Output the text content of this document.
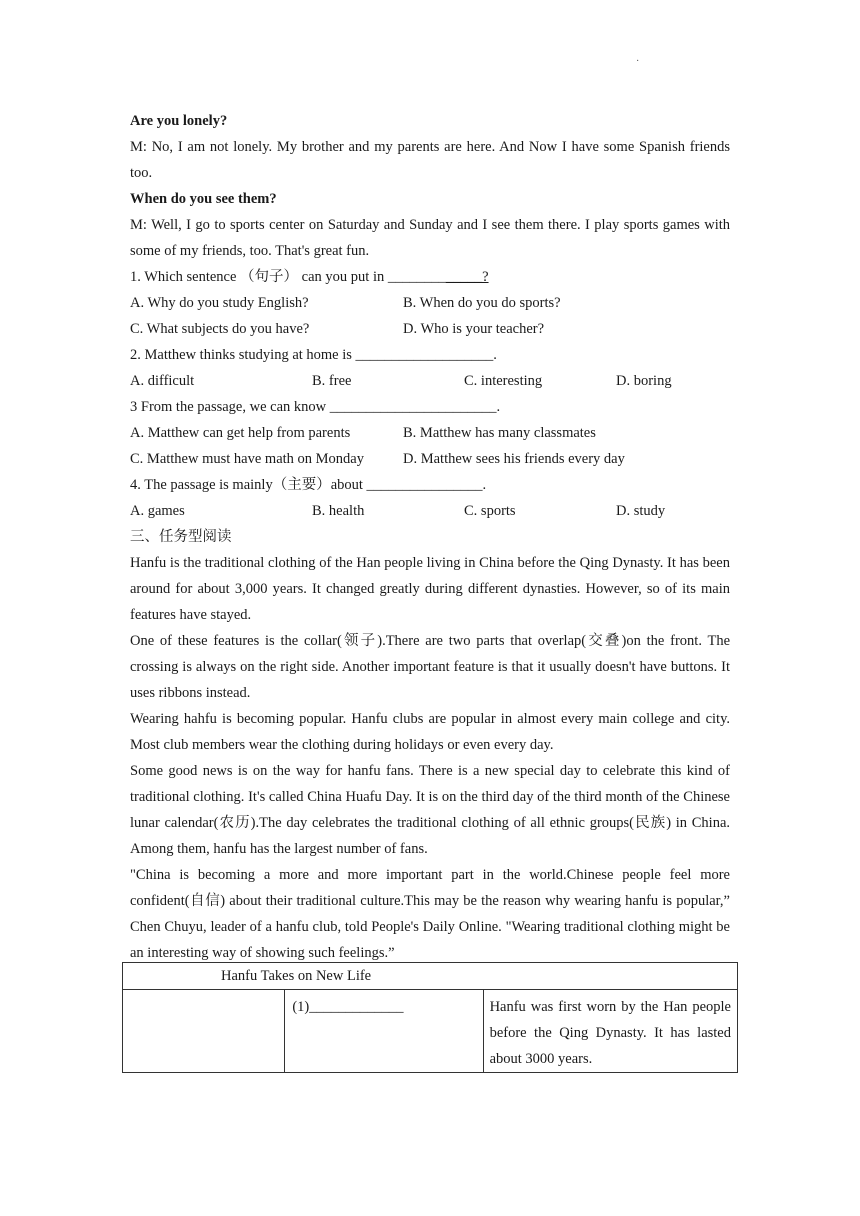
·
Are you lonely?
M: No, I am not lonely. My brother and my parents are here. And Now I have some Spanish friends too.
When do you see them?
M: Well, I go to sports center on Saturday and Sunday and I see them there. I play sports games with some of my friends, too. That's great fun.
1. Which sentence （句子） can you put in _____________?
A. Why do you study English?	B. When do you do sports?
C. What subjects do you have?	D. Who is your teacher?
2. Matthew thinks studying at home is ___________________.
A. difficult	B. free	C. interesting	D. boring
3 From the passage, we can know _______________________.
A. Matthew can get help from parents	B. Matthew has many classmates
C. Matthew must have math on Monday	D. Matthew sees his friends every day
4. The passage is mainly（主要）about ________________.
A. games	B. health	C. sports	D. study
三、任务型阅读
Hanfu is the traditional clothing of the Han people living in China before the Qing Dynasty. It has been around for about 3,000 years. It changed greatly during different dynasties. However, so of its main features have stayed.
One of these features is the collar(领子).There are two parts that overlap(交叠)on the front. The crossing is always on the right side. Another important feature is that it usually doesn't have buttons. It uses ribbons instead.
Wearing hahfu is becoming popular. Hanfu clubs are popular in almost every main college and city. Most club members wear the clothing during holidays or even every day.
Some good news is on the way for hanfu fans. There is a new special day to celebrate this kind of traditional clothing. It's called China Huafu Day. It is on the third day of the third month of the Chinese lunar calendar(农历).The day celebrates the traditional clothing of all ethnic groups(民族) in China. Among them, hanfu has the largest number of fans.
"China is becoming a more and more important part in the world.Chinese people feel more confident(自信) about their traditional culture.This may be the reason why wearing hanfu is popular,” Chen Chuyu, leader of a hanfu club, told People's Daily Online. "Wearing traditional clothing might be an interesting way of showing such feelings.”
Hanfu Takes on New Life
	(1)_____________	Hanfu was first worn by the Han people before the Qing Dynasty. It has lasted about 3000 years.
